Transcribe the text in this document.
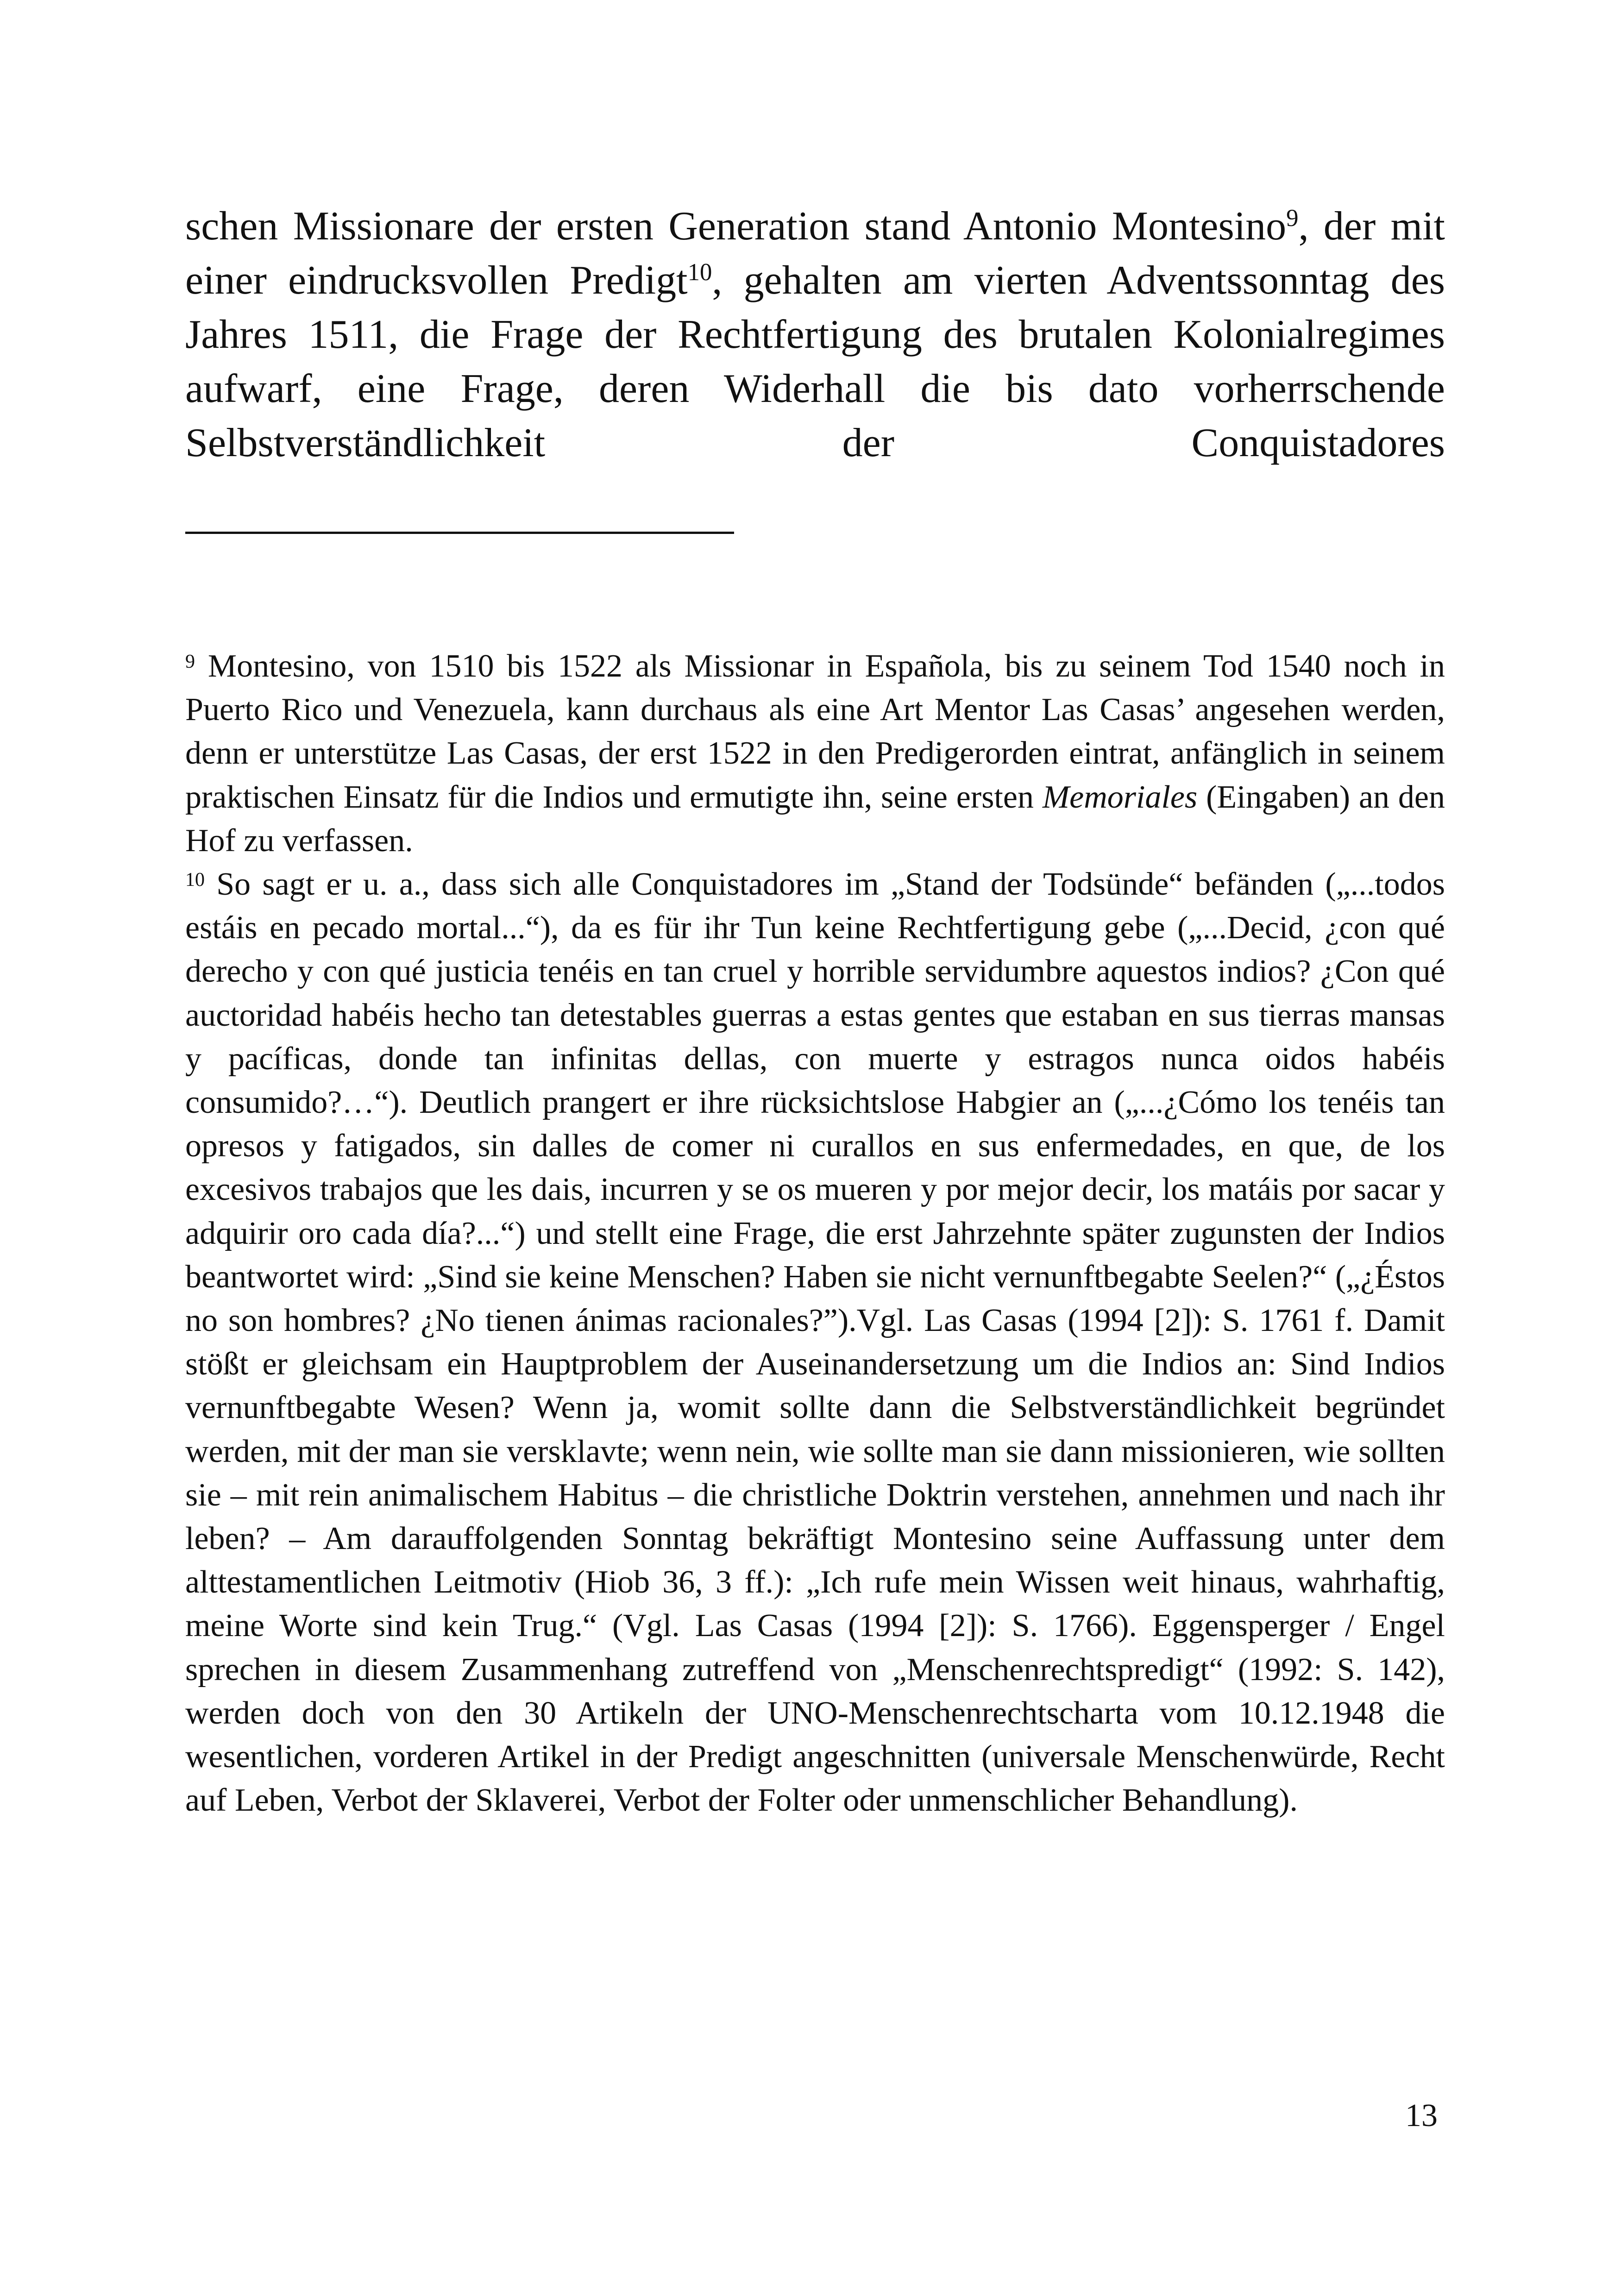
schen Missionare der ersten Generation stand Antonio Montesino$^9$, der mit einer eindrucksvollen Predigt$^{10}$, gehalten am vierten Adventssonntag des Jahres 1511, die Frage der Rechtfertigung des brutalen Kolonialregimes aufwarf, eine Frage, deren Widerhall die bis dato vorherrschende Selbstverständlichkeit der Conquistadores

$^9$ Montesino, von 1510 bis 1522 als Missionar in Española, bis zu seinem Tod 1540 noch in Puerto Rico und Venezuela, kann durchaus als eine Art Mentor Las Casas’ angesehen werden, denn er unterstütze Las Casas, der erst 1522 in den Predigerorden eintrat, anfänglich in seinem praktischen Einsatz für die Indios und ermutigte ihn, seine ersten Memoriales (Eingaben) an den Hof zu verfassen.

$^{10}$ So sagt er u. a., dass sich alle Conquistadores im „Stand der Todsünde“ befänden („...todos estáis en pecado mortal...“), da es für ihr Tun keine Rechtfertigung gebe („...Decid, ¿con qué derecho y con qué justicia tenéis en tan cruel y horrible servidumbre aquestos indios? ¿Con qué auctoridad habéis hecho tan detestables guerras a estas gentes que estaban en sus tierras mansas y pacíficas, donde tan infinitas dellas, con muerte y estragos nunca oidos habéis consumido?…“). Deutlich prangert er ihre rücksichtslose Habgier an („...¿Cómo los tenéis tan opresos y fatigados, sin dalles de comer ni curallos en sus enfermedades, en que, de los excesivos trabajos que les dais, incurren y se os mueren y por mejor decir, los matáis por sacar y adquirir oro cada día?...“) und stellt eine Frage, die erst Jahrzehnte später zugunsten der Indios beantwortet wird: „Sind sie keine Menschen? Haben sie nicht vernunftbegabte Seelen?“ („¿Éstos no son hombres? ¿No tienen ánimas racionales?”).Vgl. Las Casas (1994 [2]): S. 1761 f. Damit stößt er gleichsam ein Hauptproblem der Auseinandersetzung um die Indios an: Sind Indios vernunftbegabte Wesen? Wenn ja, womit sollte dann die Selbstverständlichkeit begründet werden, mit der man sie versklavte; wenn nein, wie sollte man sie dann missionieren, wie sollten sie – mit rein animalischem Habitus – die christliche Doktrin verstehen, annehmen und nach ihr leben? – Am darauffolgenden Sonntag bekräftigt Montesino seine Auffassung unter dem alttestamentlichen Leitmotiv (Hiob 36, 3 ff.): „Ich rufe mein Wissen weit hinaus, wahrhaftig, meine Worte sind kein Trug.“ (Vgl. Las Casas (1994 [2]): S. 1766). Eggensperger / Engel sprechen in diesem Zusammenhang zutreffend von „Menschenrechtspredigt“ (1992: S. 142), werden doch von den 30 Artikeln der UNO-Menschenrechtscharta vom 10.12.1948 die wesentlichen, vorderen Artikel in der Predigt angeschnitten (universale Menschenwürde, Recht auf Leben, Verbot der Sklaverei, Verbot der Folter oder unmenschlicher Behandlung).

13
